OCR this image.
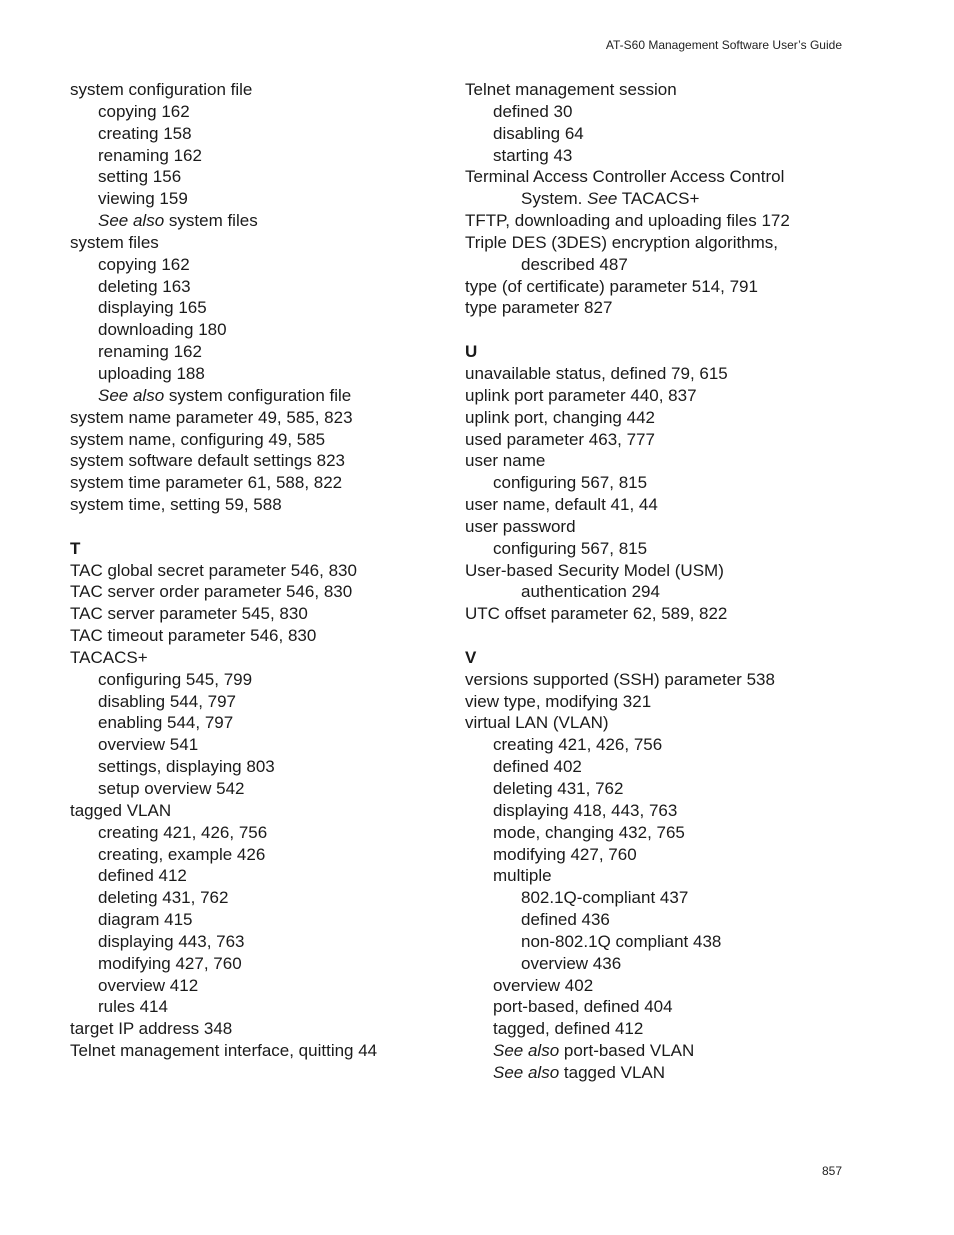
AT-S60 Management Software User’s Guide
system configuration file
copying 162
creating 158
renaming 162
setting 156
viewing 159
See also system files
system files
copying 162
deleting 163
displaying 165
downloading 180
renaming 162
uploading 188
See also system configuration file
system name parameter 49, 585, 823
system name, configuring 49, 585
system software default settings 823
system time parameter 61, 588, 822
system time, setting 59, 588
T
TAC global secret parameter 546, 830
TAC server order parameter 546, 830
TAC server parameter 545, 830
TAC timeout parameter 546, 830
TACACS+
configuring 545, 799
disabling 544, 797
enabling 544, 797
overview 541
settings, displaying 803
setup overview 542
tagged VLAN
creating 421, 426, 756
creating, example 426
defined 412
deleting 431, 762
diagram 415
displaying 443, 763
modifying 427, 760
overview 412
rules 414
target IP address 348
Telnet management interface, quitting 44
Telnet management session
defined 30
disabling 64
starting 43
Terminal Access Controller Access Control
System. See TACACS+
TFTP, downloading and uploading files 172
Triple DES (3DES) encryption algorithms,
described 487
type (of certificate) parameter 514, 791
type parameter 827
U
unavailable status, defined 79, 615
uplink port parameter 440, 837
uplink port, changing 442
used parameter 463, 777
user name
configuring 567, 815
user name, default 41, 44
user password
configuring 567, 815
User-based Security Model (USM)
authentication 294
UTC offset parameter 62, 589, 822
V
versions supported (SSH) parameter 538
view type, modifying 321
virtual LAN (VLAN)
creating 421, 426, 756
defined 402
deleting 431, 762
displaying 418, 443, 763
mode, changing 432, 765
modifying 427, 760
multiple
802.1Q-compliant 437
defined 436
non-802.1Q compliant 438
overview 436
overview 402
port-based, defined 404
tagged, defined 412
See also port-based VLAN
See also tagged VLAN
857
